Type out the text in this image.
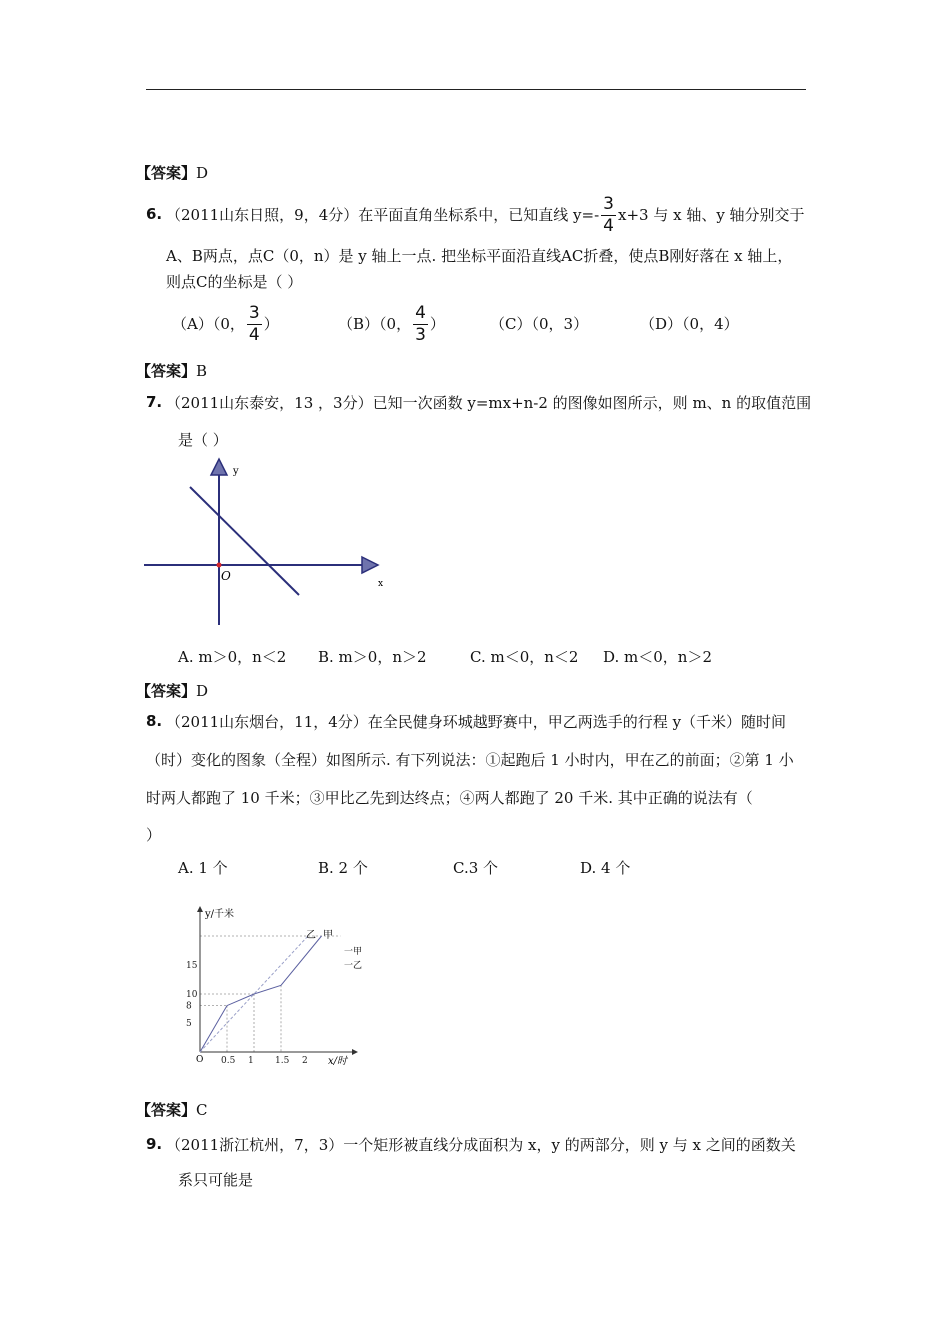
【答案】D
6. （2011山东日照，9，4分）在平面直角坐标系中，已知直线 $y=- \frac{3}{4} x+3$ 与 x 轴、y 轴分别交于
A、B两点，点C（0，n）是 y 轴上一点. 把坐标平面沿直线AC折叠，使点B刚好落在 x 轴上，
则点C的坐标是（ ）
（A）（0， $\frac{3}{4}$ ）	（B）（0， $\frac{4}{3}$ ）	（C）（0，3）	（D）（0，4）
【答案】B
7. （2011山东泰安，13 ，3分）已知一次函数 y=mx+n-2 的图像如图所示，则 m、n 的取值范围
是（ ）
y
x
O
A. m＞0，n＜2 B. m＞0，n＞2	C. m＜0，n＜2 D. m＜0，n＞2
【答案】D
8. （2011山东烟台，11，4分）在全民健身环城越野赛中，甲乙两选手的行程 y（千米）随时间
（时）变化的图象（全程）如图所示. 有下列说法：①起跑后 1 小时内，甲在乙的前面；②第 1 小
时两人都跑了 10 千米；③甲比乙先到达终点；④两人都跑了 20 千米. 其中正确的说法有（
）
A. 1 个	B. 2 个	C.3 个	D. 4 个
0.5 1 1.5 2
5
8
10
15
y/千米
x/时
O
乙 甲
一甲
一乙
【答案】C
9. （2011浙江杭州，7，3）一个矩形被直线分成面积为 x，y 的两部分，则 y 与 x 之间的函数关
系只可能是
